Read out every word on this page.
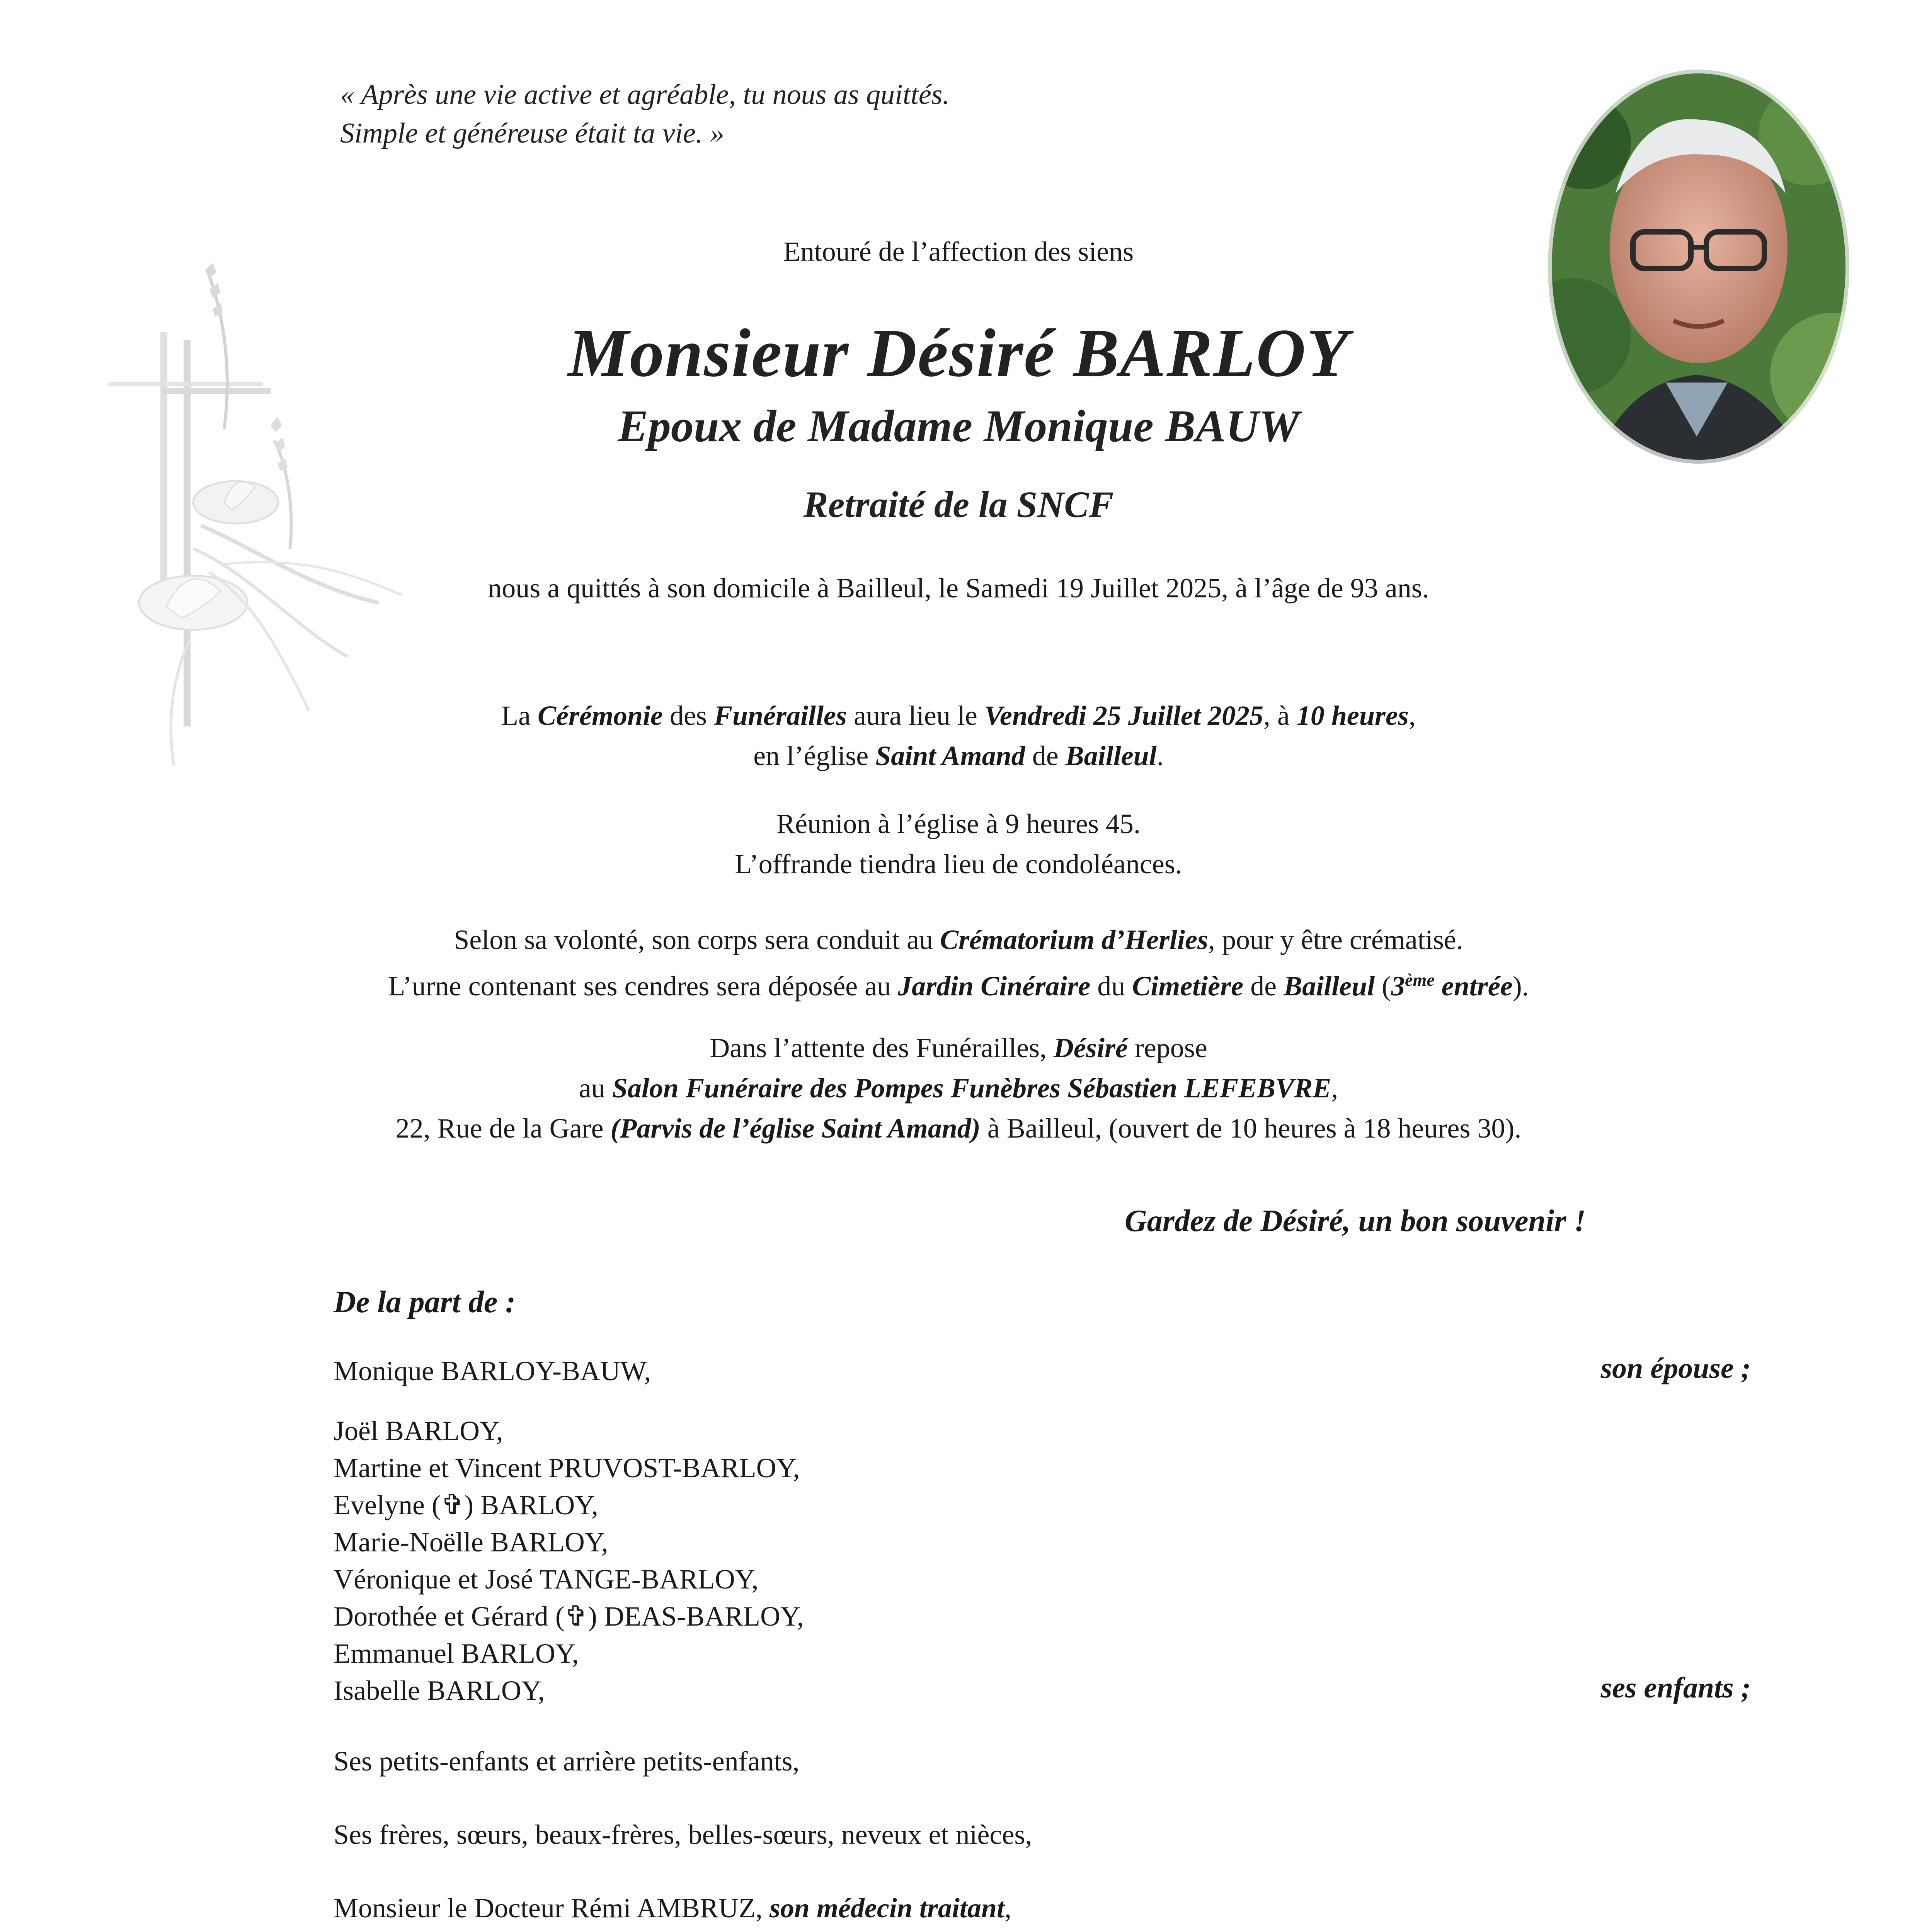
« Après une vie active et agréable, tu nous as quittés.
Simple et généreuse était ta vie. »
Entouré de l’affection des siens
Monsieur Désiré BARLOY
Epoux de Madame Monique BAUW
Retraité de la SNCF
nous a quittés à son domicile à Bailleul, le Samedi 19 Juillet 2025, à l’âge de 93 ans.
La Cérémonie des Funérailles aura lieu le Vendredi 25 Juillet 2025, à 10 heures,
en l’église Saint Amand de Bailleul.
Réunion à l’église à 9 heures 45.
L’offrande tiendra lieu de condoléances.
Selon sa volonté, son corps sera conduit au Crématorium d’Herlies, pour y être crématisé.
L’urne contenant ses cendres sera déposée au Jardin Cinéraire du Cimetière de Bailleul (3ème entrée).
Dans l’attente des Funérailles, Désiré repose
au Salon Funéraire des Pompes Funèbres Sébastien LEFEBVRE,
22, Rue de la Gare (Parvis de l’église Saint Amand) à Bailleul, (ouvert de 10 heures à 18 heures 30).
Gardez de Désiré, un bon souvenir !
De la part de :
Monique BARLOY-BAUW,	son épouse ;
Joël BARLOY,
Martine et Vincent PRUVOST-BARLOY,
Evelyne (✞) BARLOY,
Marie-Noëlle BARLOY,
Véronique et José TANGE-BARLOY,
Dorothée et Gérard (✞) DEAS-BARLOY,
Emmanuel BARLOY,
Isabelle BARLOY,	ses enfants ;
Ses petits-enfants et arrière petits-enfants,
Ses frères, sœurs, beaux-frères, belles-sœurs, neveux et nièces,
Monsieur le Docteur Rémi AMBRUZ, son médecin traitant,
